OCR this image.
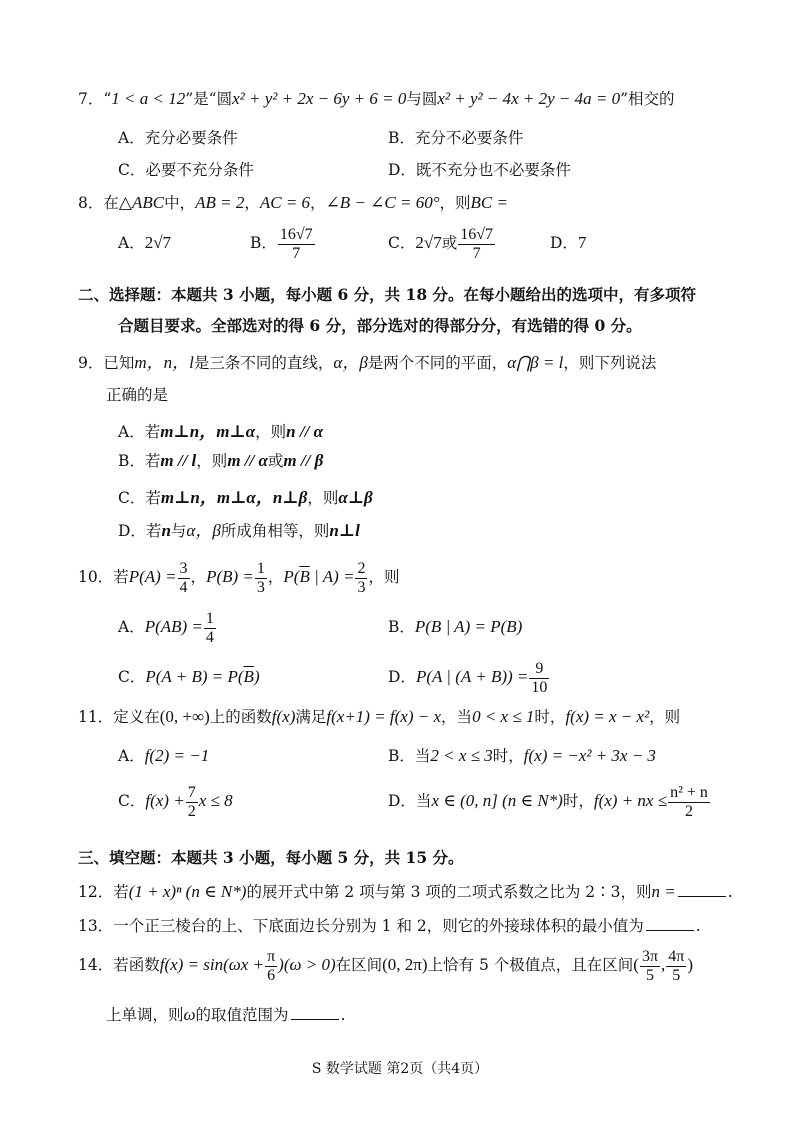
7．“1 < a < 12”是“圆x² + y² + 2x − 6y + 6 = 0与圆x² + y² − 4x + 2y − 4a = 0”相交的
A．充分必要条件	B．充分不必要条件
C．必要不充分条件	D．既不充分也不必要条件
8．在△ABC中，AB = 2，AC = 6，∠B − ∠C = 60°，则BC =
A．2√7	B． $\frac{16√7}{7}$	C．2√7或 $\frac{16√7}{7}$	D．7
二、选择题：本题共 3 小题，每小题 6 分，共 18 分。在每小题给出的选项中，有多项符
合题目要求。全部选对的得 6 分，部分选对的得部分分，有选错的得 0 分。
9．已知m，n，l是三条不同的直线，α，β是两个不同的平面，α⋂β = l，则下列说法
正确的是
A．若m⊥n，m⊥α，则n // α
B．若m // l，则m // α或m // β
C．若m⊥n，m⊥α，n⊥β，则α⊥β
D．若n与α，β所成角相等，则n⊥l
10．若$P(A) = \frac{3}{4}$ ，$P(B) = \frac{1}{3}$ ，$P(\overline{B}$ | $A) = \frac{2}{3}$ ，则
A．$P(AB) = \frac{1}{4}$	B．P(B | A) = P(B)
C．$P(A + B) = P(\overline{B})$	D．P(A | $(A + B)) = \frac{9}{10}$
11．定义在(0, +∞)上的函数f(x)满足f(x+1) = f(x) − x，当0 < x ≤ 1时，f(x) = x − x²，则
A．f(2) = −1	B．当2 < x ≤ 3时，f(x) = −x² + 3x − 3
C．$f(x) + \frac{7}{2}$ x ≤ 8	D．当x ∈ (0, n] (n ∈ N*)时，f(x) + nx ≤ $\frac{\text{n² + n}}{2}$
三、填空题：本题共 3 小题，每小题 5 分，共 15 分。
12．若(1 + x)ⁿ (n ∈ N*)的展开式中第 2 项与第 3 项的二项式系数之比为 2∶3，则n =	.
13．一个正三棱台的上、下底面边长分别为 1 和 2，则它的外接球体积的最小值为	.
14．若函数$f(x) = \sin(\omega x + \frac{\pi}{6} )(\omega > 0)$在区间(0, 2π)上恰有 5 个极值点，且在区间( $\frac{3\pi}{5}$ , $\frac{4\pi}{5}$ )
上单调，则ω的取值范围为	.
S 数学试题 第2页（共4页）
